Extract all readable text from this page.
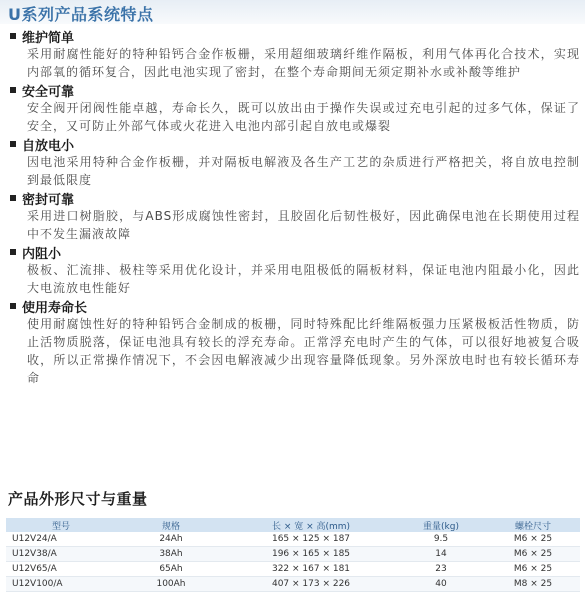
U系列产品系统特点
维护简单
采用耐腐性能好的特种铅钙合金作板栅，采用超细玻璃纤维作隔板，利用气体再化合技术，实现内部氧的循环复合，因此电池实现了密封，在整个寿命期间无须定期补水或补酸等维护
安全可靠
安全阀开闭阀性能卓越，寿命长久，既可以放出由于操作失误或过充电引起的过多气体，保证了安全，又可防止外部气体或火花进入电池内部引起自放电或爆裂
自放电小
因电池采用特种合金作板栅，并对隔板电解液及各生产工艺的杂质进行严格把关，将自放电控制到最低限度
密封可靠
采用进口树脂胶，与ABS形成腐蚀性密封，且胶固化后韧性极好，因此确保电池在长期使用过程中不发生漏液故障
内阻小
极板、汇流排、极柱等采用优化设计，并采用电阻极低的隔板材料，保证电池内阻最小化，因此大电流放电性能好
使用寿命长
使用耐腐蚀性好的特种铅钙合金制成的板栅，同时特殊配比纤维隔板强力压紧极板活性物质，防止活物质脱落，保证电池具有较长的浮充寿命。正常浮充电时产生的气体，可以很好地被复合吸收，所以正常操作情况下，不会因电解液减少出现容量降低现象。另外深放电时也有较长循环寿命
产品外形尺寸与重量
型号	规格	长 × 宽 × 高(mm)	重量(kg)	螺栓尺寸
U12V24/A	24Ah	165 × 125 × 187	9.5	M6 × 25
U12V38/A	38Ah	196 × 165 × 185	14	M6 × 25
U12V65/A	65Ah	322 × 167 × 181	23	M6 × 25
U12V100/A	100Ah	407 × 173 × 226	40	M8 × 25
